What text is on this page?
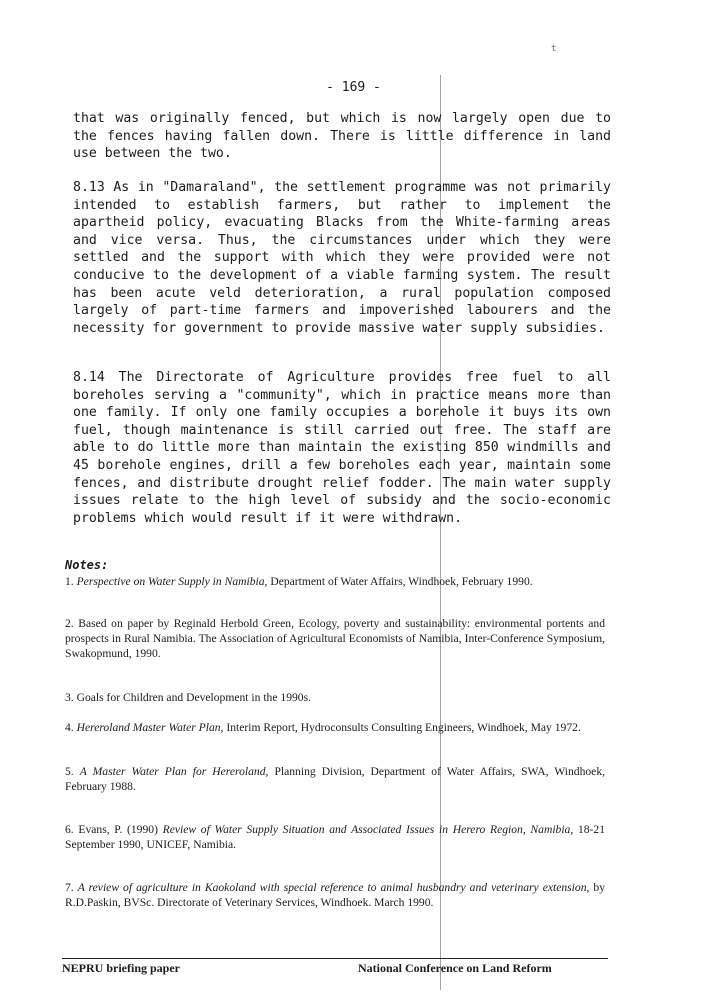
t
- 169 -

that was originally fenced, but which is now largely open due to the fences having fallen down. There is little difference in land use between the two.

8.13 As in "Damaraland", the settlement programme was not primarily intended to establish farmers, but rather to implement the apartheid policy, evacuating Blacks from the White-farming areas and vice versa. Thus, the circumstances under which they were settled and the support with which they were provided were not conducive to the development of a viable farming system. The result has been acute veld deterioration, a rural population composed largely of part-time farmers and impoverished labourers and the necessity for government to provide massive water supply subsidies.

8.14 The Directorate of Agriculture provides free fuel to all boreholes serving a "community", which in practice means more than one family. If only one family occupies a borehole it buys its own fuel, though maintenance is still carried out free. The staff are able to do little more than maintain the existing 850 windmills and 45 borehole engines, drill a few boreholes each year, maintain some fences, and distribute drought relief fodder. The main water supply issues relate to the high level of subsidy and the socio-economic problems which would result if it were withdrawn.

Notes:

1. Perspective on Water Supply in Namibia, Department of Water Affairs, Windhoek, February 1990.

2. Based on paper by Reginald Herbold Green, Ecology, poverty and sustainability: environmental portents and prospects in Rural Namibia. The Association of Agricultural Economists of Namibia, Inter-Conference Symposium, Swakopmund, 1990.

3. Goals for Children and Development in the 1990s.

4. Hereroland Master Water Plan, Interim Report, Hydroconsults Consulting Engineers, Windhoek, May 1972.

5. A Master Water Plan for Hereroland, Planning Division, Department of Water Affairs, SWA, Windhoek, February 1988.

6. Evans, P. (1990) Review of Water Supply Situation and Associated Issues in Herero Region, Namibia, 18-21 September 1990, UNICEF, Namibia.

7. A review of agriculture in Kaokoland with special reference to animal husbandry and veterinary extension, by R.D.Paskin, BVSc. Directorate of Veterinary Services, Windhoek. March 1990.

NEPRU briefing paper	National Conference on Land Reform
